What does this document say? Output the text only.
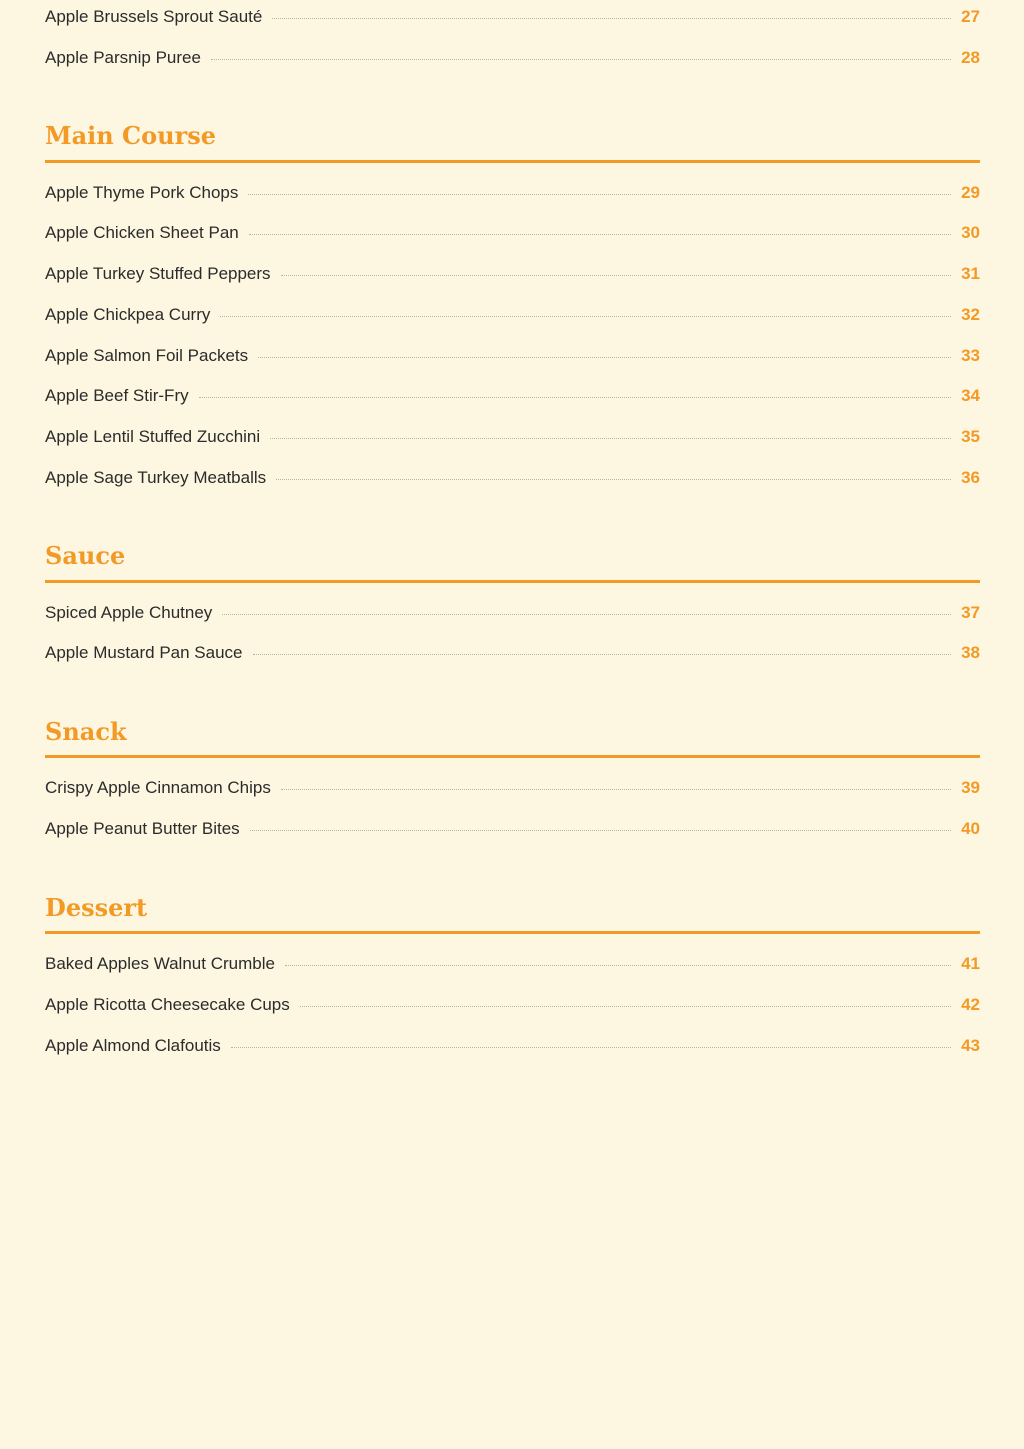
Apple Brussels Sprout Sauté	27
Apple Parsnip Puree	28
Main Course
Apple Thyme Pork Chops	29
Apple Chicken Sheet Pan	30
Apple Turkey Stuffed Peppers	31
Apple Chickpea Curry	32
Apple Salmon Foil Packets	33
Apple Beef Stir-Fry	34
Apple Lentil Stuffed Zucchini	35
Apple Sage Turkey Meatballs	36
Sauce
Spiced Apple Chutney	37
Apple Mustard Pan Sauce	38
Snack
Crispy Apple Cinnamon Chips	39
Apple Peanut Butter Bites	40
Dessert
Baked Apples Walnut Crumble	41
Apple Ricotta Cheesecake Cups	42
Apple Almond Clafoutis	43
